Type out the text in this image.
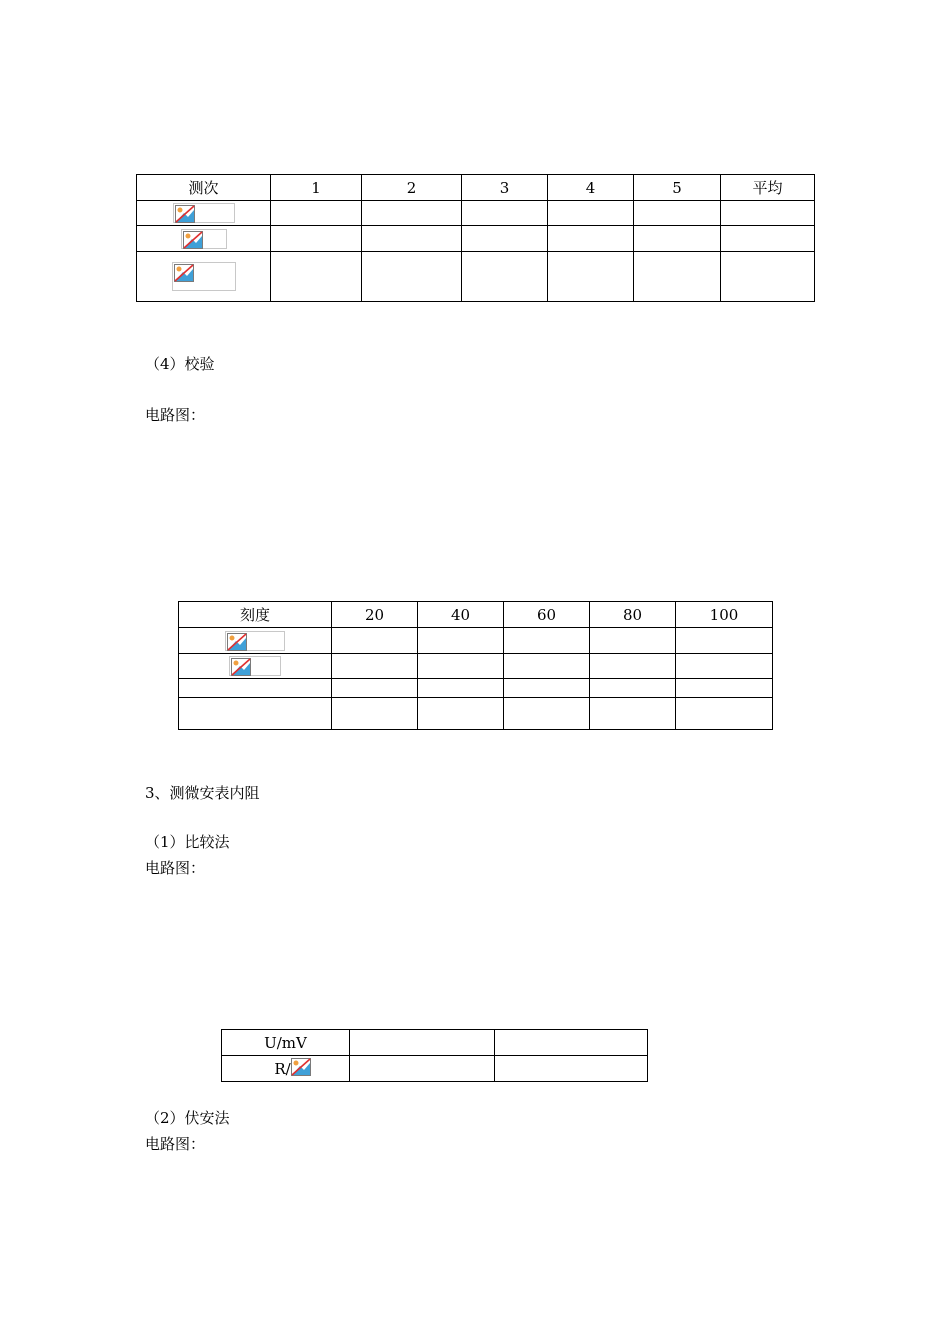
测次	1	2	3	4	5	平均

（4）校验
电路图：
刻度	20	40	60	80	100

3、测微安表内阻
（1）比较法
电路图：
U/mV		
R/		
（2）伏安法
电路图：
